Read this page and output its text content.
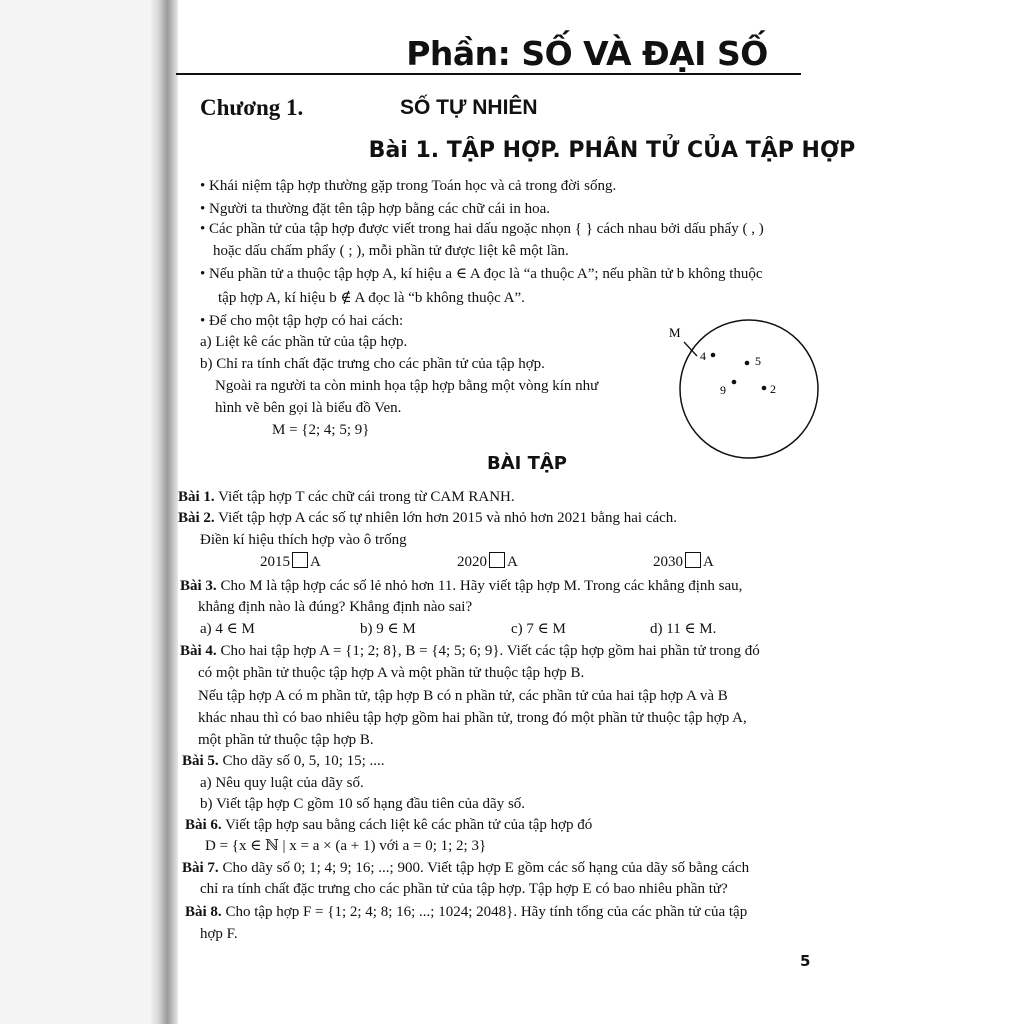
Phần: SỐ VÀ ĐẠI SỐ
Chương 1.	SỐ TỰ NHIÊN
Bài 1. TẬP HỢP. PHÂN TỬ CỦA TẬP HỢP
• Khái niệm tập hợp thường gặp trong Toán học và cả trong đời sống.
• Người ta thường đặt tên tập hợp bằng các chữ cái in hoa.
• Các phần tử của tập hợp được viết trong hai dấu ngoặc nhọn { } cách nhau bởi dấu phẩy ( , )
hoặc dấu chấm phẩy ( ; ), mỗi phần tử được liệt kê một lần.
• Nếu phần tử a thuộc tập hợp A, kí hiệu a ∈ A đọc là “a thuộc A”; nếu phần tử b không thuộc
tập hợp A, kí hiệu b ∉ A đọc là “b không thuộc A”.
• Để cho một tập hợp có hai cách:
a) Liệt kê các phần tử của tập hợp.
b) Chỉ ra tính chất đặc trưng cho các phần tử của tập hợp.
Ngoài ra người ta còn minh họa tập hợp bằng một vòng kín như
hình vẽ bên gọi là biểu đồ Ven.
M = {2; 4; 5; 9}
M
4	5
9	2
BÀI TẬP
Bài 1. Viết tập hợp T các chữ cái trong từ CAM RANH.
Bài 2. Viết tập hợp A các số tự nhiên lớn hơn 2015 và nhỏ hơn 2021 bằng hai cách.
Điền kí hiệu thích hợp vào ô trống
2015 A	2020 A	2030 A
Bài 3. Cho M là tập hợp các số lẻ nhỏ hơn 11. Hãy viết tập hợp M. Trong các khẳng định sau,
khẳng định nào là đúng? Khẳng định nào sai?
a) 4 ∈ M	b) 9 ∈ M	c) 7 ∈ M	d) 11 ∈ M.
Bài 4. Cho hai tập hợp A = {1; 2; 8}, B = {4; 5; 6; 9}. Viết các tập hợp gồm hai phần tử trong đó
có một phần tử thuộc tập hợp A và một phần tử thuộc tập hợp B.
Nếu tập hợp A có m phần tử, tập hợp B có n phần tử, các phần tử của hai tập hợp A và B
khác nhau thì có bao nhiêu tập hợp gồm hai phần tử, trong đó một phần tử thuộc tập hợp A,
một phần tử thuộc tập hợp B.
Bài 5. Cho dãy số 0, 5, 10; 15; ....
a) Nêu quy luật của dãy số.
b) Viết tập hợp C gồm 10 số hạng đầu tiên của dãy số.
Bài 6. Viết tập hợp sau bằng cách liệt kê các phần tử của tập hợp đó
D = {x ∈ ℕ | x = a × (a + 1) với a = 0; 1; 2; 3}
Bài 7. Cho dãy số 0; 1; 4; 9; 16; ...; 900. Viết tập hợp E gồm các số hạng của dãy số bằng cách
chỉ ra tính chất đặc trưng cho các phần tử của tập hợp. Tập hợp E có bao nhiêu phần tử?
Bài 8. Cho tập hợp F = {1; 2; 4; 8; 16; ...; 1024; 2048}. Hãy tính tổng của các phần tử của tập
hợp F.
5
